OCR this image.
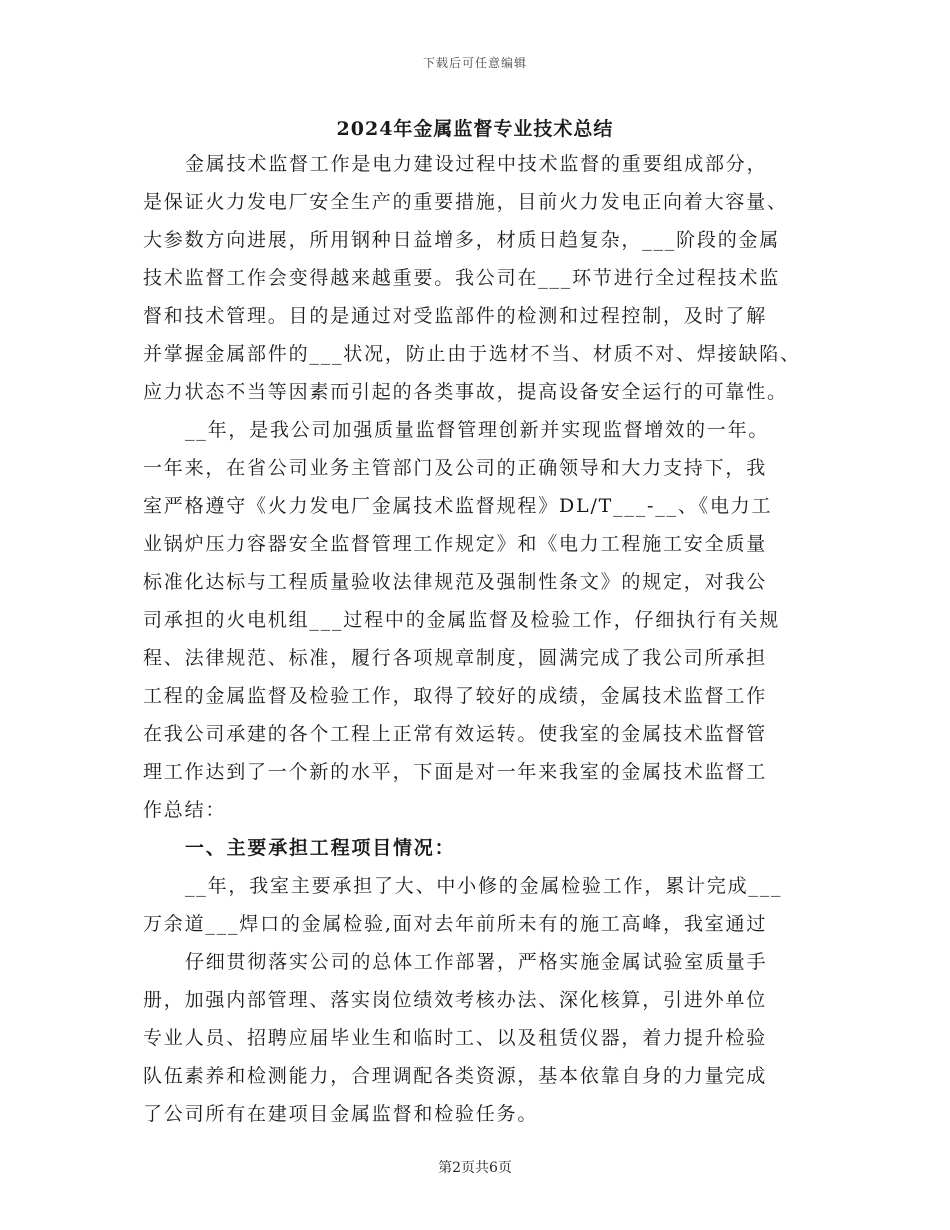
下载后可任意编辑
2024年金属监督专业技术总结
金属技术监督工作是电力建设过程中技术监督的重要组成部分，
是保证火力发电厂安全生产的重要措施，目前火力发电正向着大容量、
大参数方向进展，所用钢种日益增多，材质日趋复杂，___阶段的金属
技术监督工作会变得越来越重要。我公司在___环节进行全过程技术监
督和技术管理。目的是通过对受监部件的检测和过程控制，及时了解
并掌握金属部件的___状况，防止由于选材不当、材质不对、焊接缺陷、
应力状态不当等因素而引起的各类事故，提高设备安全运行的可靠性。
__年，是我公司加强质量监督管理创新并实现监督增效的一年。
一年来，在省公司业务主管部门及公司的正确领导和大力支持下，我
室严格遵守《火力发电厂金属技术监督规程》DL/T___-__、《电力工
业锅炉压力容器安全监督管理工作规定》和《电力工程施工安全质量
标准化达标与工程质量验收法律规范及强制性条文》的规定，对我公
司承担的火电机组___过程中的金属监督及检验工作，仔细执行有关规
程、法律规范、标准，履行各项规章制度，圆满完成了我公司所承担
工程的金属监督及检验工作，取得了较好的成绩，金属技术监督工作
在我公司承建的各个工程上正常有效运转。使我室的金属技术监督管
理工作达到了一个新的水平，下面是对一年来我室的金属技术监督工
作总结：
一、主要承担工程项目情况：
__年，我室主要承担了大、中小修的金属检验工作，累计完成___
万余道___焊口的金属检验,面对去年前所未有的施工高峰，我室通过
仔细贯彻落实公司的总体工作部署，严格实施金属试验室质量手
册，加强内部管理、落实岗位绩效考核办法、深化核算，引进外单位
专业人员、招聘应届毕业生和临时工、以及租赁仪器，着力提升检验
队伍素养和检测能力，合理调配各类资源，基本依靠自身的力量完成
了公司所有在建项目金属监督和检验任务。
第2页共6页
